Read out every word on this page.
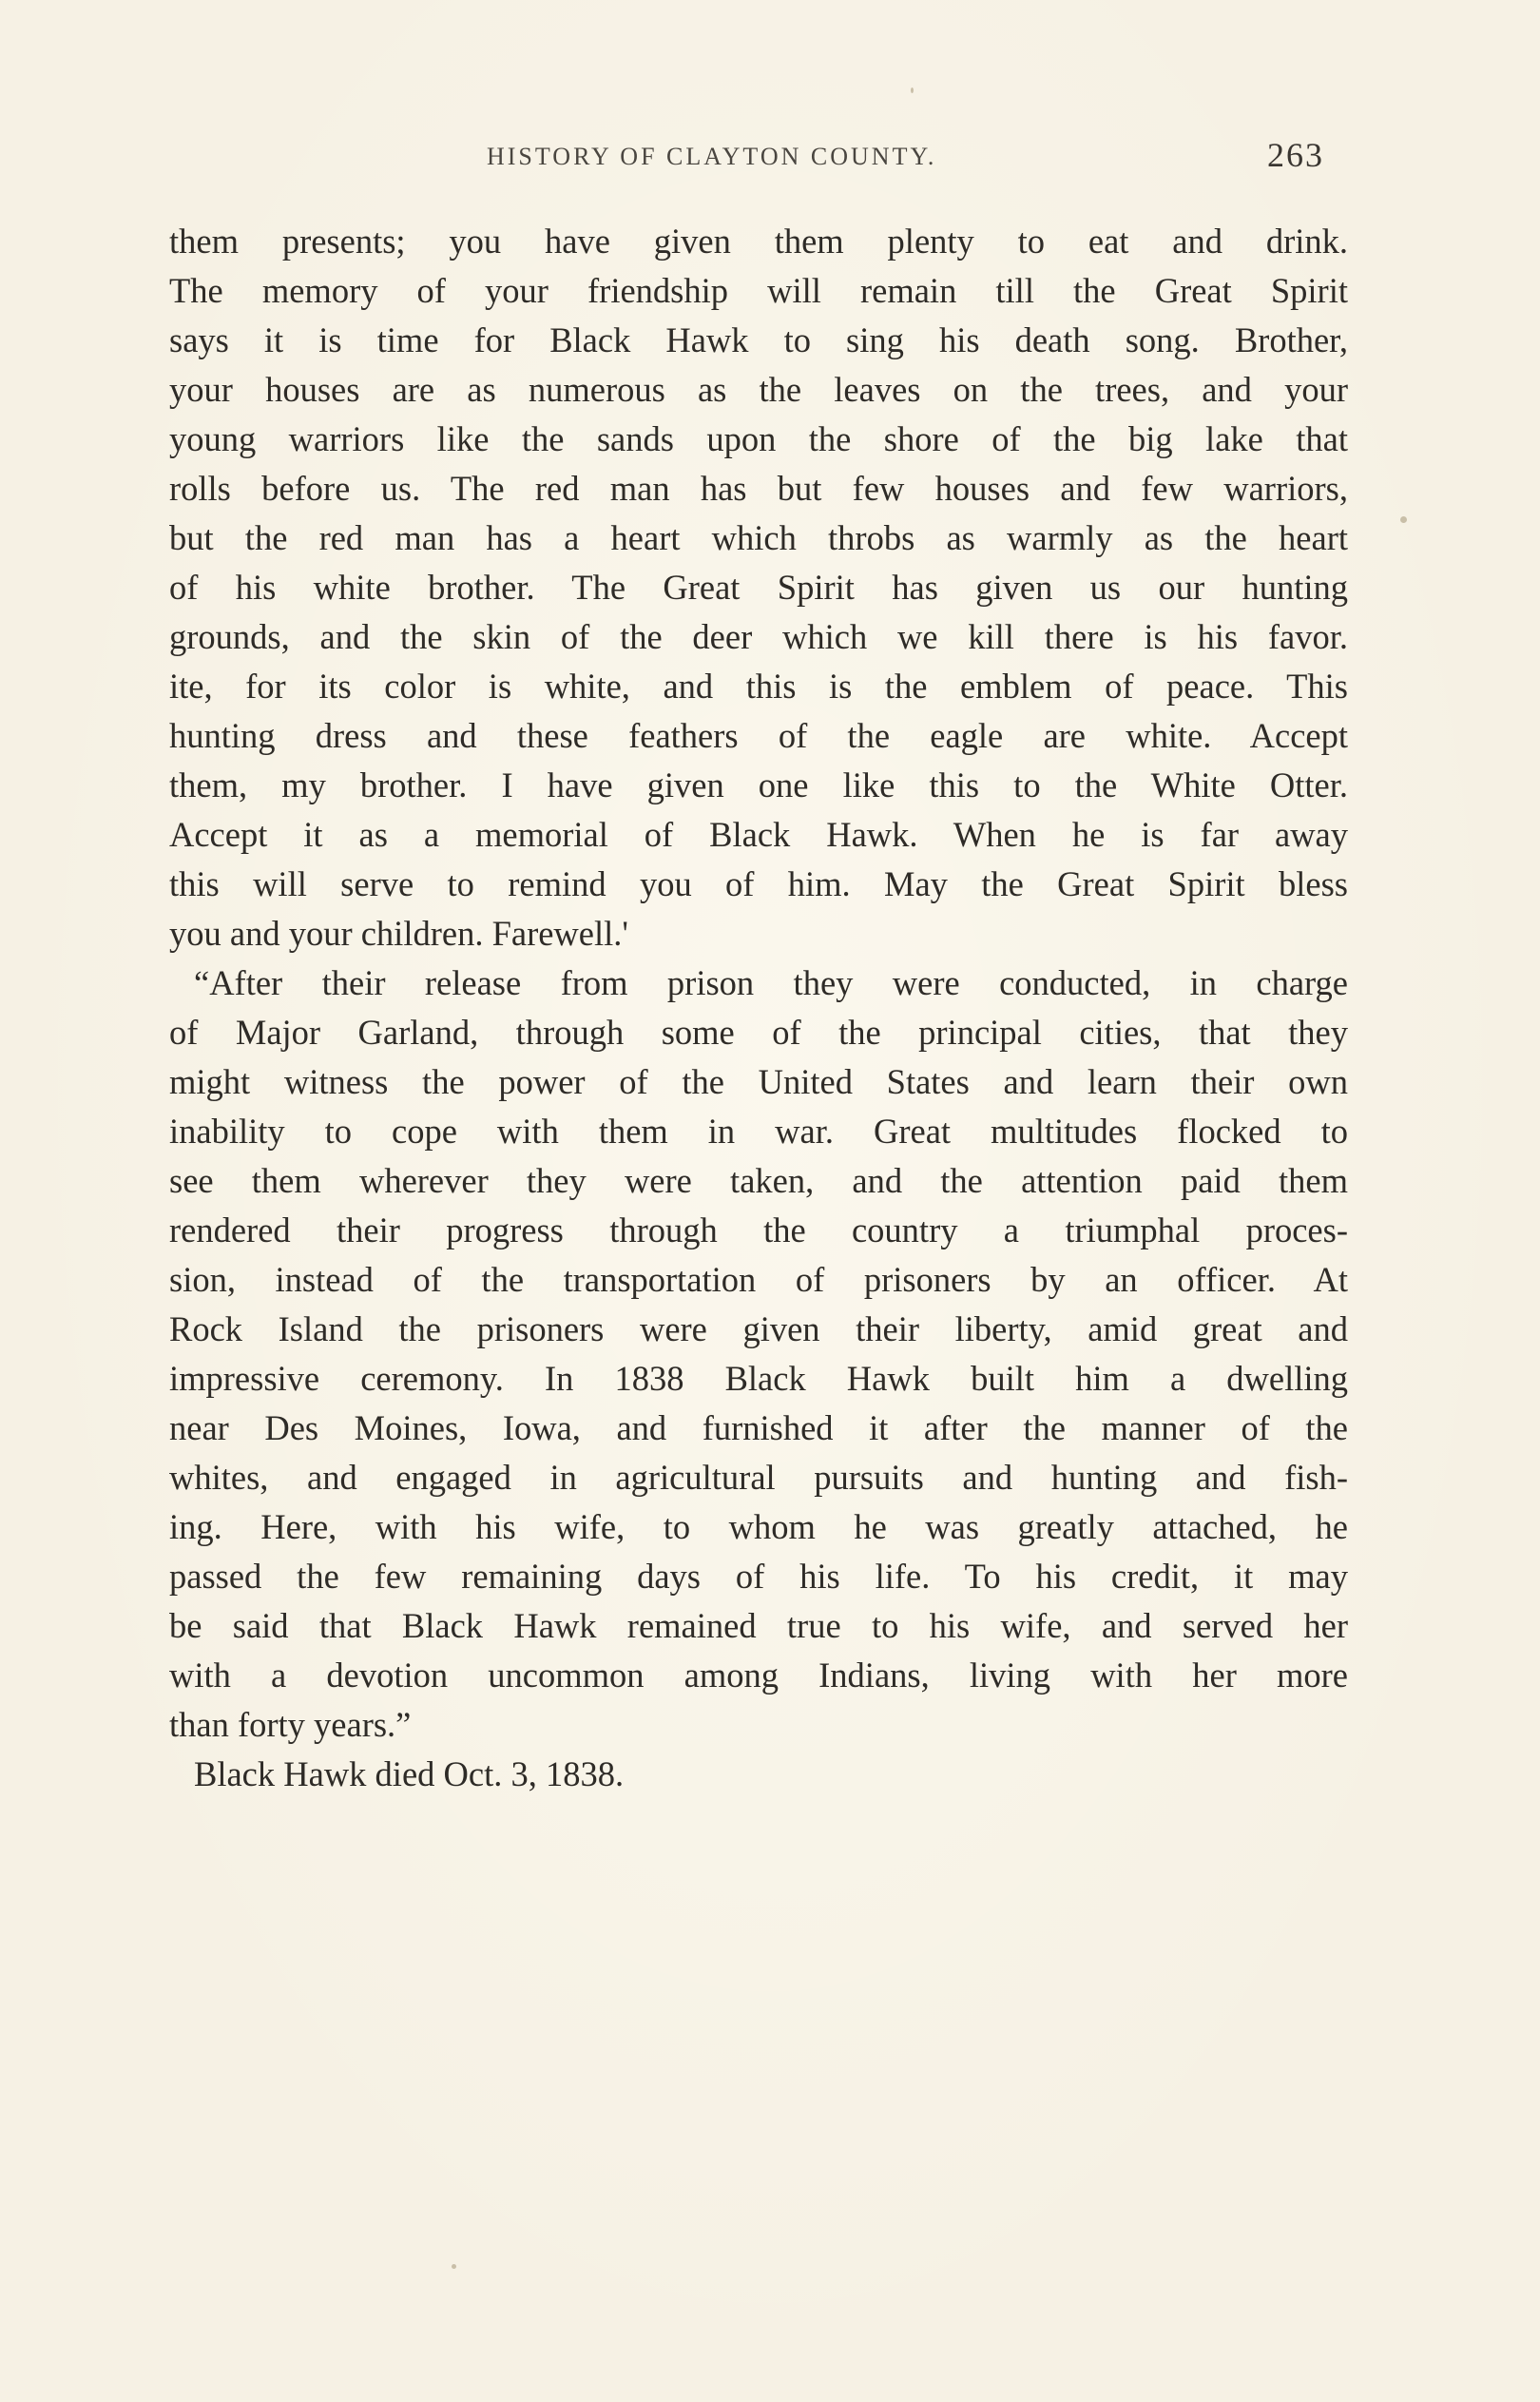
HISTORY OF CLAYTON COUNTY.	263
them presents; you have given them plenty to eat and drink.
The memory of your friendship will remain till the Great Spirit
says it is time for Black Hawk to sing his death song. Brother,
your houses are as numerous as the leaves on the trees, and your
young warriors like the sands upon the shore of the big lake that
rolls before us. The red man has but few houses and few warriors,
but the red man has a heart which throbs as warmly as the heart
of his white brother. The Great Spirit has given us our hunting
grounds, and the skin of the deer which we kill there is his favor.
ite, for its color is white, and this is the emblem of peace. This
hunting dress and these feathers of the eagle are white. Accept
them, my brother. I have given one like this to the White Otter.
Accept it as a memorial of Black Hawk. When he is far away
this will serve to remind you of him. May the Great Spirit bless
you and your children. Farewell.'
“After their release from prison they were conducted, in charge
of Major Garland, through some of the principal cities, that they
might witness the power of the United States and learn their own
inability to cope with them in war. Great multitudes flocked to
see them wherever they were taken, and the attention paid them
rendered their progress through the country a triumphal proces-
sion, instead of the transportation of prisoners by an officer. At
Rock Island the prisoners were given their liberty, amid great and
impressive ceremony. In 1838 Black Hawk built him a dwelling
near Des Moines, Iowa, and furnished it after the manner of the
whites, and engaged in agricultural pursuits and hunting and fish-
ing. Here, with his wife, to whom he was greatly attached, he
passed the few remaining days of his life. To his credit, it may
be said that Black Hawk remained true to his wife, and served her
with a devotion uncommon among Indians, living with her more
than forty years.”
Black Hawk died Oct. 3, 1838.
